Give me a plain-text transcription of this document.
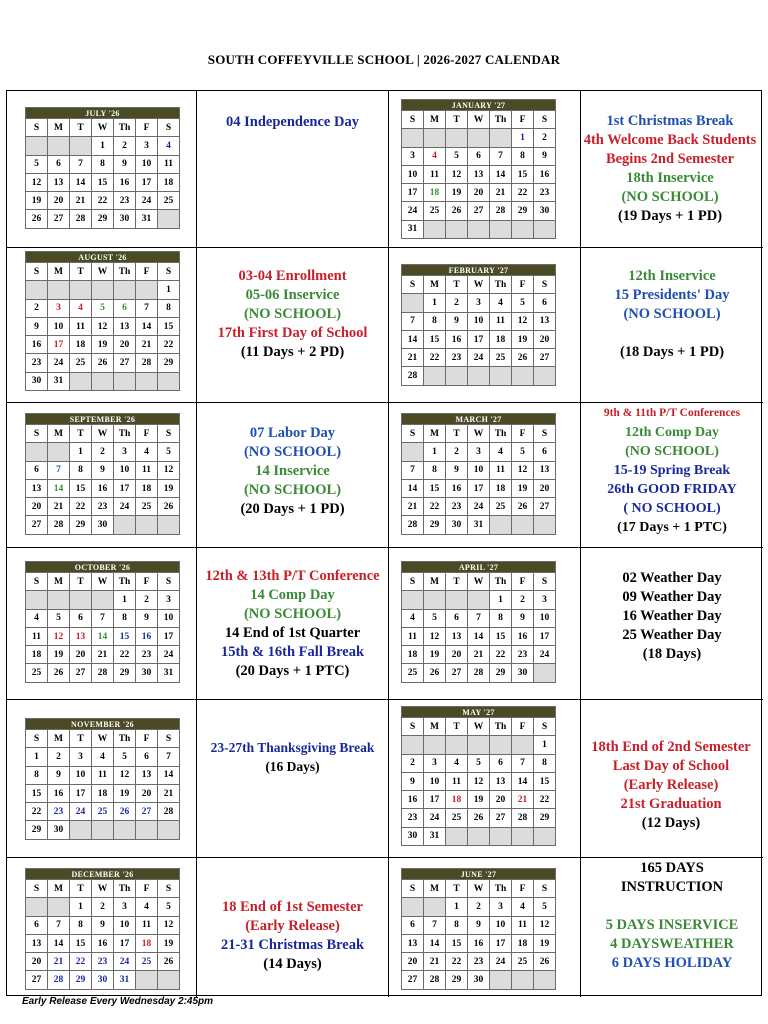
SOUTH COFFEYVILLE SCHOOL | 2026-2027 CALENDAR
JULY '26						
S	M	T	W	Th	F	S
			1	2	3	4
5	6	7	8	9	10	11
12	13	14	15	16	17	18
19	20	21	22	23	24	25
26	27	28	29	30	31	
04 Independence Day
JANUARY '27						
S	M	T	W	Th	F	S
					1	2
3	4	5	6	7	8	9
10	11	12	13	14	15	16
17	18	19	20	21	22	23
24	25	26	27	28	29	30
31						
1st Christmas Break
4th Welcome Back Students
Begins 2nd Semester
18th Inservice
(NO SCHOOL)
(19 Days + 1 PD)
AUGUST '26						
S	M	T	W	Th	F	S
						1
2	3	4	5	6	7	8
9	10	11	12	13	14	15
16	17	18	19	20	21	22
23	24	25	26	27	28	29
30	31					
03-04 Enrollment
05-06 Inservice
(NO SCHOOL)
17th First Day of School
(11 Days + 2 PD)
FEBRUARY '27						
S	M	T	W	Th	F	S
	1	2	3	4	5	6
7	8	9	10	11	12	13
14	15	16	17	18	19	20
21	22	23	24	25	26	27
28						
12th Inservice
15 Presidents' Day
(NO SCHOOL)

(18 Days + 1 PD)
SEPTEMBER '26						
S	M	T	W	Th	F	S
		1	2	3	4	5
6	7	8	9	10	11	12
13	14	15	16	17	18	19
20	21	22	23	24	25	26
27	28	29	30			
07 Labor Day
(NO SCHOOL)
14 Inservice
(NO SCHOOL)
(20 Days + 1 PD)
MARCH '27						
S	M	T	W	Th	F	S
	1	2	3	4	5	6
7	8	9	10	11	12	13
14	15	16	17	18	19	20
21	22	23	24	25	26	27
28	29	30	31			
9th & 11th P/T Conferences
12th Comp Day
(NO SCHOOL)
15-19 Spring Break
26th GOOD FRIDAY
( NO SCHOOL)
(17 Days + 1 PTC)
OCTOBER '26						
S	M	T	W	Th	F	S
				1	2	3
4	5	6	7	8	9	10
11	12	13	14	15	16	17
18	19	20	21	22	23	24
25	26	27	28	29	30	31
12th & 13th P/T Conference
14 Comp Day
(NO SCHOOL)
14 End of 1st Quarter
15th & 16th Fall Break
(20 Days + 1 PTC)
APRIL '27						
S	M	T	W	Th	F	S
				1	2	3
4	5	6	7	8	9	10
11	12	13	14	15	16	17
18	19	20	21	22	23	24
25	26	27	28	29	30	
02 Weather Day
09 Weather Day
16 Weather Day
25 Weather Day
(18 Days)
NOVEMBER '26						
S	M	T	W	Th	F	S
1	2	3	4	5	6	7
8	9	10	11	12	13	14
15	16	17	18	19	20	21
22	23	24	25	26	27	28
29	30					
23-27th Thanksgiving Break
(16 Days)
MAY '27						
S	M	T	W	Th	F	S
						1
2	3	4	5	6	7	8
9	10	11	12	13	14	15
16	17	18	19	20	21	22
23	24	25	26	27	28	29
30	31					
18th End of 2nd Semester
Last Day of School
(Early Release)
21st Graduation
(12 Days)
DECEMBER '26						
S	M	T	W	Th	F	S
		1	2	3	4	5
6	7	8	9	10	11	12
13	14	15	16	17	18	19
20	21	22	23	24	25	26
27	28	29	30	31		
18 End of 1st Semester
(Early Release)
21-31 Christmas Break
(14 Days)
JUNE '27						
S	M	T	W	Th	F	S
		1	2	3	4	5
6	7	8	9	10	11	12
13	14	15	16	17	18	19
20	21	22	23	24	25	26
27	28	29	30			
165 DAYS
INSTRUCTION

5 DAYS INSERVICE
4 DAYSWEATHER
6 DAYS HOLIDAY
Early Release Every Wednesday 2:45pm
